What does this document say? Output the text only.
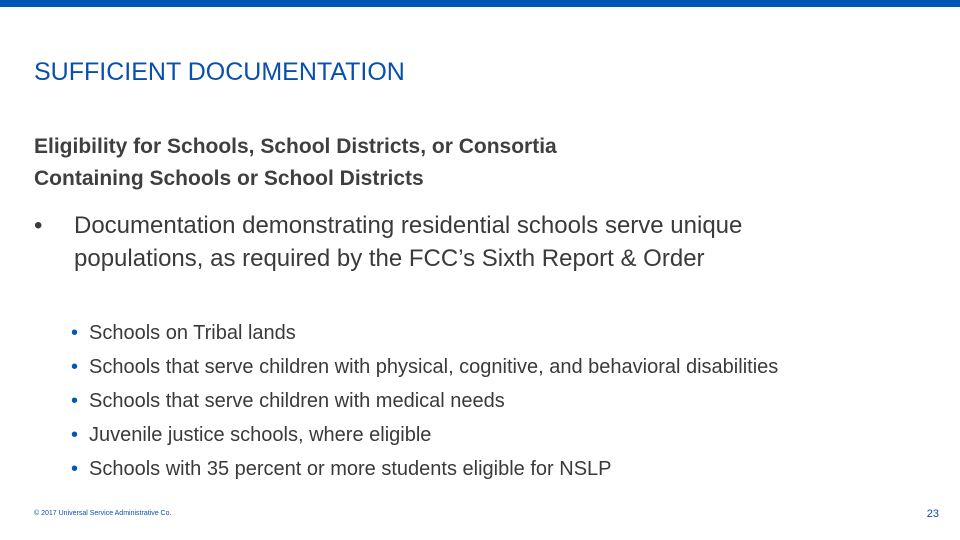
SUFFICIENT DOCUMENTATION
Eligibility for Schools, School Districts, or Consortia
Containing Schools or School Districts
• Documentation demonstrating residential schools serve unique populations, as required by the FCC’s Sixth Report & Order
• Schools on Tribal lands
• Schools that serve children with physical, cognitive, and behavioral disabilities
• Schools that serve children with medical needs
• Juvenile justice schools, where eligible
• Schools with 35 percent or more students eligible for NSLP
© 2017 Universal Service Administrative Co.	23
